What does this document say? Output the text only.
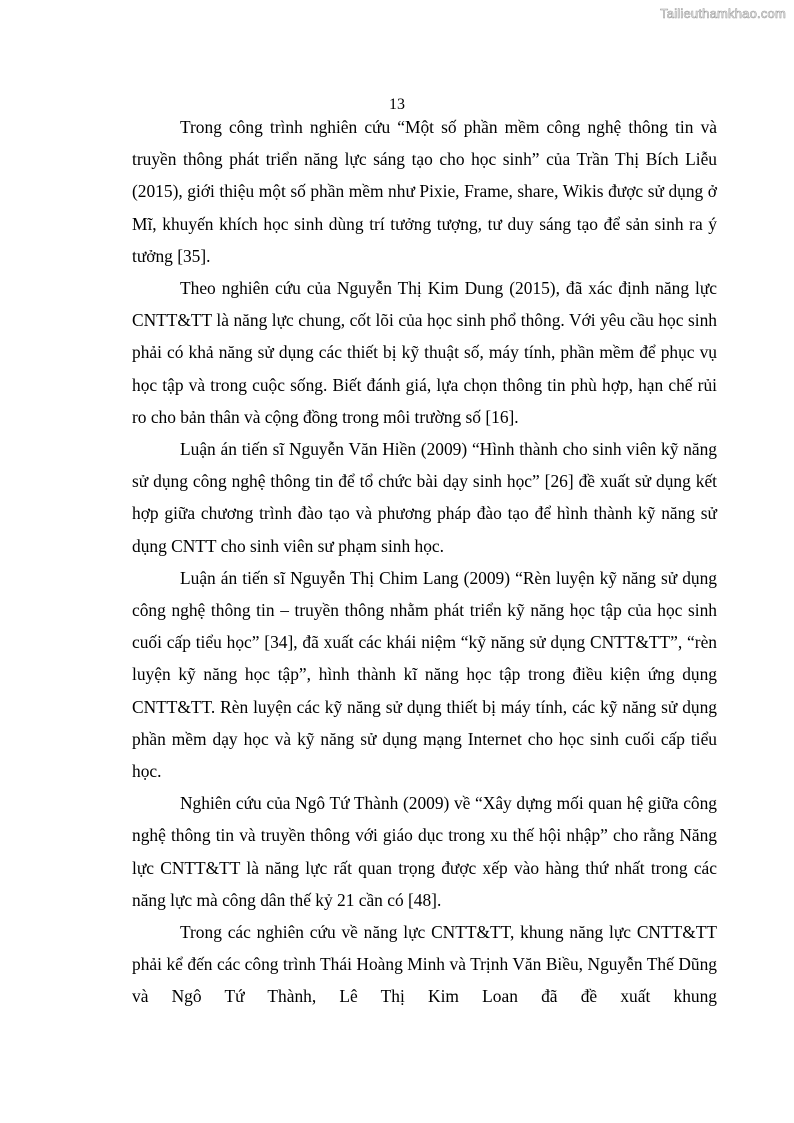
Tailieuthamkhao.com
13

Trong công trình nghiên cứu “Một số phần mềm công nghệ thông tin và truyền thông phát triển năng lực sáng tạo cho học sinh” của Trần Thị Bích Liễu (2015), giới thiệu một số phần mềm như Pixie, Frame, share, Wikis được sử dụng ở Mĩ, khuyến khích học sinh dùng trí tưởng tượng, tư duy sáng tạo để sản sinh ra ý tưởng [35].

Theo nghiên cứu của Nguyễn Thị Kim Dung (2015), đã xác định năng lực CNTT&TT là năng lực chung, cốt lõi của học sinh phổ thông. Với yêu cầu học sinh phải có khả năng sử dụng các thiết bị kỹ thuật số, máy tính, phần mềm để phục vụ học tập và trong cuộc sống. Biết đánh giá, lựa chọn thông tin phù hợp, hạn chế rủi ro cho bản thân và cộng đồng trong môi trường số [16].

Luận án tiến sĩ Nguyễn Văn Hiền (2009) “Hình thành cho sinh viên kỹ năng sử dụng công nghệ thông tin để tổ chức bài dạy sinh học” [26] đề xuất sử dụng kết hợp giữa chương trình đào tạo và phương pháp đào tạo để hình thành kỹ năng sử dụng CNTT cho sinh viên sư phạm sinh học.

Luận án tiến sĩ Nguyễn Thị Chim Lang (2009) “Rèn luyện kỹ năng sử dụng công nghệ thông tin – truyền thông nhằm phát triển kỹ năng học tập của học sinh cuối cấp tiểu học” [34], đã xuất các khái niệm “kỹ năng sử dụng CNTT&TT”, “rèn luyện kỹ năng học tập”, hình thành kĩ năng học tập trong điều kiện ứng dụng CNTT&TT. Rèn luyện các kỹ năng sử dụng thiết bị máy tính, các kỹ năng sử dụng phần mềm dạy học và kỹ năng sử dụng mạng Internet cho học sinh cuối cấp tiểu học.

Nghiên cứu của Ngô Tứ Thành (2009) về “Xây dựng mối quan hệ giữa công nghệ thông tin và truyền thông với giáo dục trong xu thế hội nhập” cho rằng Năng lực CNTT&TT là năng lực rất quan trọng được xếp vào hàng thứ nhất trong các năng lực mà công dân thế kỷ 21 cần có [48].

Trong các nghiên cứu về năng lực CNTT&TT, khung năng lực CNTT&TT phải kể đến các công trình Thái Hoàng Minh và Trịnh Văn Biều, Nguyễn Thế Dũng và Ngô Tứ Thành, Lê Thị Kim Loan đã đề xuất khung
